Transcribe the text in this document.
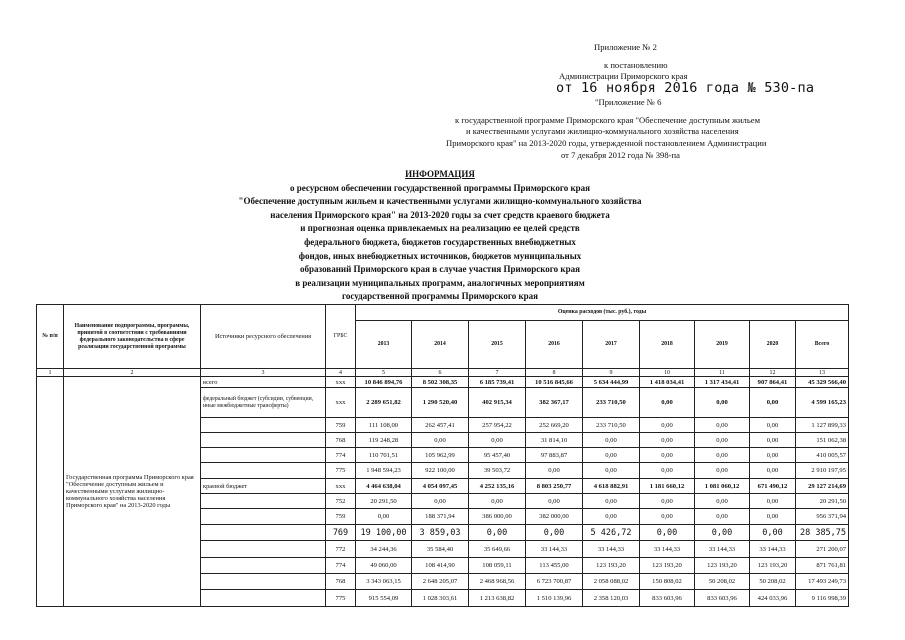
Приложение № 2
к постановлению
Администрации Приморского края
от 16 ноября 2016 года № 530-па
"Приложение № 6
к государственной программе Приморского края "Обеспечение доступным жильем
и качественными услугами жилищно-коммунального хозяйства населения
Приморского края" на 2013-2020 годы, утвержденной постановлением Администрации
от 7 декабря 2012 года № 398-па
ИНФОРМАЦИЯ
о ресурсном обеспечении государственной программы Приморского края
"Обеспечение доступным жильем и качественными услугами жилищно-коммунального хозяйства
населения Приморского края" на 2013-2020 годы за счет средств краевого бюджета
и прогнозная оценка привлекаемых на реализацию ее целей средств
федерального бюджета, бюджетов государственных внебюджетных
фондов, иных внебюджетных источников, бюджетов муниципальных
образований Приморского края в случае участия Приморского края
в реализации муниципальных программ, аналогичных мероприятиям
государственной программы Приморского края
№ п/п	Наименование подпрограммы, программы, принятой в соответствии с требованиями федерального законодательства в сфере реализации государственной программы	Источники ресурсного обеспечения	ГРБС	Оценка расходов (тыс. руб.), годы								
				2013	2014	2015	2016	2017	2018	2019	2020	Всего
1	2	3	4	5	6	7	8	9	10	11	12	13
	Государственная программа Приморского края "Обеспечение доступным жильем и качественными услугами жилищно-коммунального хозяйства населения Приморского края" на 2013-2020 годы	всего	xxx	10 846 894,76	8 502 308,35	6 185 739,41	10 516 845,66	5 634 444,99	1 418 034,41	1 317 434,41	907 864,41	45 329 566,40
		федеральный бюджет (субсидии, субвенции, иные межбюджетные трансферты)	xxx	2 289 651,82	1 290 520,40	402 915,34	382 367,17	233 710,50	0,00	0,00	0,00	4 599 165,23
			759	111 108,00	262 457,41	257 954,22	252 669,20	233 710,50	0,00	0,00	0,00	1 127 899,33
			768	119 248,28	0,00	0,00	31 814,10	0,00	0,00	0,00	0,00	151 062,38
			774	110 701,51	105 962,99	95 457,40	97 883,87	0,00	0,00	0,00	0,00	410 005,57
			775	1 948 594,23	922 100,00	39 503,72	0,00	0,00	0,00	0,00	0,00	2 910 197,95
		краевой бюджет	xxx	4 464 638,04	4 054 097,45	4 252 135,16	8 803 250,77	4 618 882,91	1 181 660,12	1 081 060,12	671 490,12	29 127 214,69
			752	20 291,50	0,00	0,00	0,00	0,00	0,00	0,00	0,00	20 291,50
			759	0,00	188 371,94	386 000,00	382 000,00	0,00	0,00	0,00	0,00	956 371,94
			769	19 100,00	3 859,03	0,00	0,00	5 426,72	0,00	0,00	0,00	28 385,75
			772	34 244,36	35 584,40	35 649,66	33 144,33	33 144,33	33 144,33	33 144,33	33 144,33	271 200,07
			774	49 060,00	108 414,90	108 059,11	113 455,00	123 193,20	123 193,20	123 193,20	123 193,20	871 761,81
			768	3 343 063,15	2 648 205,07	2 468 968,56	6 723 700,87	2 058 088,02	150 808,02	50 208,02	50 208,02	17 493 249,73
			775	915 554,09	1 028 303,61	1 213 638,82	1 510 139,96	2 358 120,03	833 603,96	833 603,96	424 033,96	9 116 998,39
